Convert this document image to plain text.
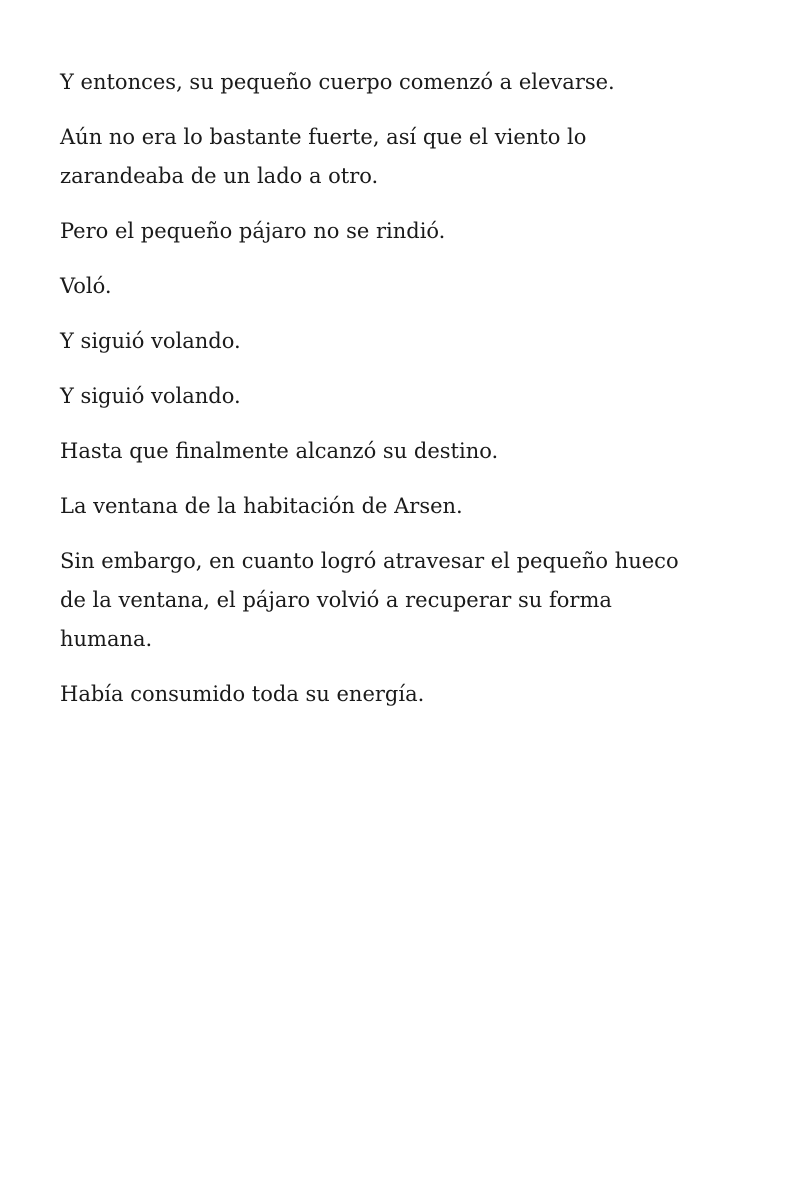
Y entonces, su pequeño cuerpo comenzó a elevarse.

Aún no era lo bastante fuerte, así que el viento lo
zarandeaba de un lado a otro.

Pero el pequeño pájaro no se rindió.

Voló.

Y siguió volando.

Y siguió volando.

Hasta que finalmente alcanzó su destino.

La ventana de la habitación de Arsen.

Sin embargo, en cuanto logró atravesar el pequeño hueco
de la ventana, el pájaro volvió a recuperar su forma
humana.

Había consumido toda su energía.
